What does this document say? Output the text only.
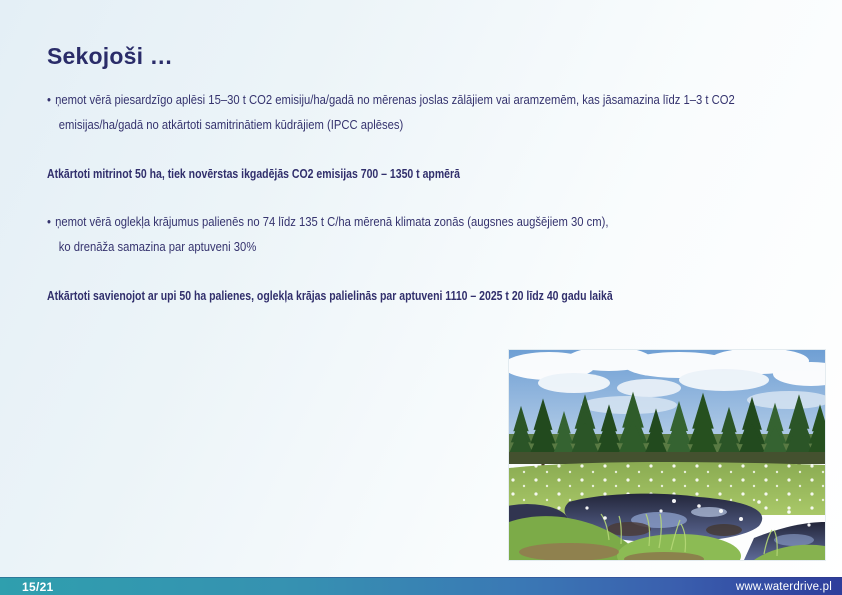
Sekojoši …
• ņemot vērā piesardzīgo aplēsi 15–30 t CO2 emisiju/ha/gadā no mērenas joslas zālājiem vai aramzemēm, kas jāsamazina līdz 1–3 t CO2
emisijas/ha/gadā no atkārtoti samitrinātiem kūdrājiem (IPCC aplēses)
Atkārtoti mitrinot 50 ha, tiek novērstas ikgadējās CO2 emisijas 700 – 1350 t apmērā
• ņemot vērā oglekļa krājumus palienēs no 74 līdz 135 t C/ha mērenā klimata zonās (augsnes augšējiem 30 cm),
ko drenāža samazina par aptuveni 30%
Atkārtoti savienojot ar upi 50 ha palienes, oglekļa krājas palielinās par aptuveni 1110 – 2025 t 20 līdz 40 gadu laikā
15/21	www.waterdrive.pl
